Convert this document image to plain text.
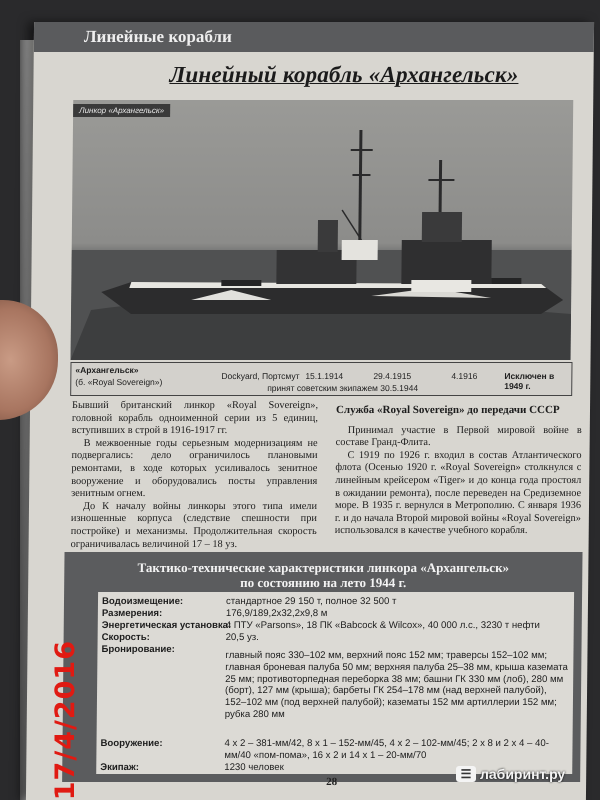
Линейные корабли
Линейный корабль «Архангельск»
Линкор «Архангельск»
«Архангельск»
(б. «Royal Sovereign»)
Dockyard, Портсмут 15.1.1914	29.4.1915	4.1916	Исключен в 1949 г.
принят советским экипажем 30.5.1944

Бывший британский линкор «Royal Sovereign», головной корабль одноименной серии из 5 единиц, вступивших в строй в 1916-1917 гг.

В межвоенные годы серьезным модернизациям не подвергались: дело ограничилось плановыми ремонтами, в ходе которых усиливалось зенитное вооружение и оборудовались посты управления зенитным огнем.

До К началу войны линкоры этого типа имели изношенные корпуса (следствие спешности при постройке) и механизмы. Продолжительная скорость ограничивалась величиной 17 – 18 уз.

Служба «Royal Sovereign» до передачи СССР

Принимал участие в Первой мировой войне в составе Гранд-Флита.

С 1919 по 1926 г. входил в состав Атлантического флота (Осенью 1920 г. «Royal Sovereign» столкнулся с линейным крейсером «Tiger» и до конца года простоял в ожидании ремонта), после переведен на Средиземное море. В 1935 г. вернулся в Метрополию. С января 1936 г. и до начала Второй мировой войны «Royal Sovereign» использовался в качестве учебного корабля.

Тактико-технические характеристики линкора «Архангельск»
по состоянию на лето 1944 г.
Водоизмещение:	стандартное 29 150 т, полное 32 500 т
Размерения:	176,9/189,2х32,2х9,8 м
Энергетическая установка:
4 ПТУ «Parsons», 18 ПК «Babcock & Wilcox», 40 000 л.с., 3230 т нефти
Скорость:	20,5 уз.
Бронирование:
главный пояс 330–102 мм, верхний пояс 152 мм; траверсы 152–102 мм; главная броневая палуба 50 мм; верхняя палуба 25–38 мм, крыша каземата 25 мм; противоторпедная переборка 38 мм; башни ГК 330 мм (лоб), 280 мм (борт), 127 мм (крыша); барбеты ГК 254–178 мм (над верхней палубой), 152–102 мм (под верхней палубой); казематы 152 мм артиллерии 152 мм; рубка 280 мм
Вооружение:	4 х 2 – 381-мм/42, 8 х 1 – 152-мм/45, 4 х 2 – 102-мм/45; 2 х 8 и 2 х 4 – 40-мм/40 «пом-пома», 16 х 2 и 14 х 1 – 20-мм/70
Экипаж:	1230 человек
28
17/4/2016	☰ лабиринт.ру
